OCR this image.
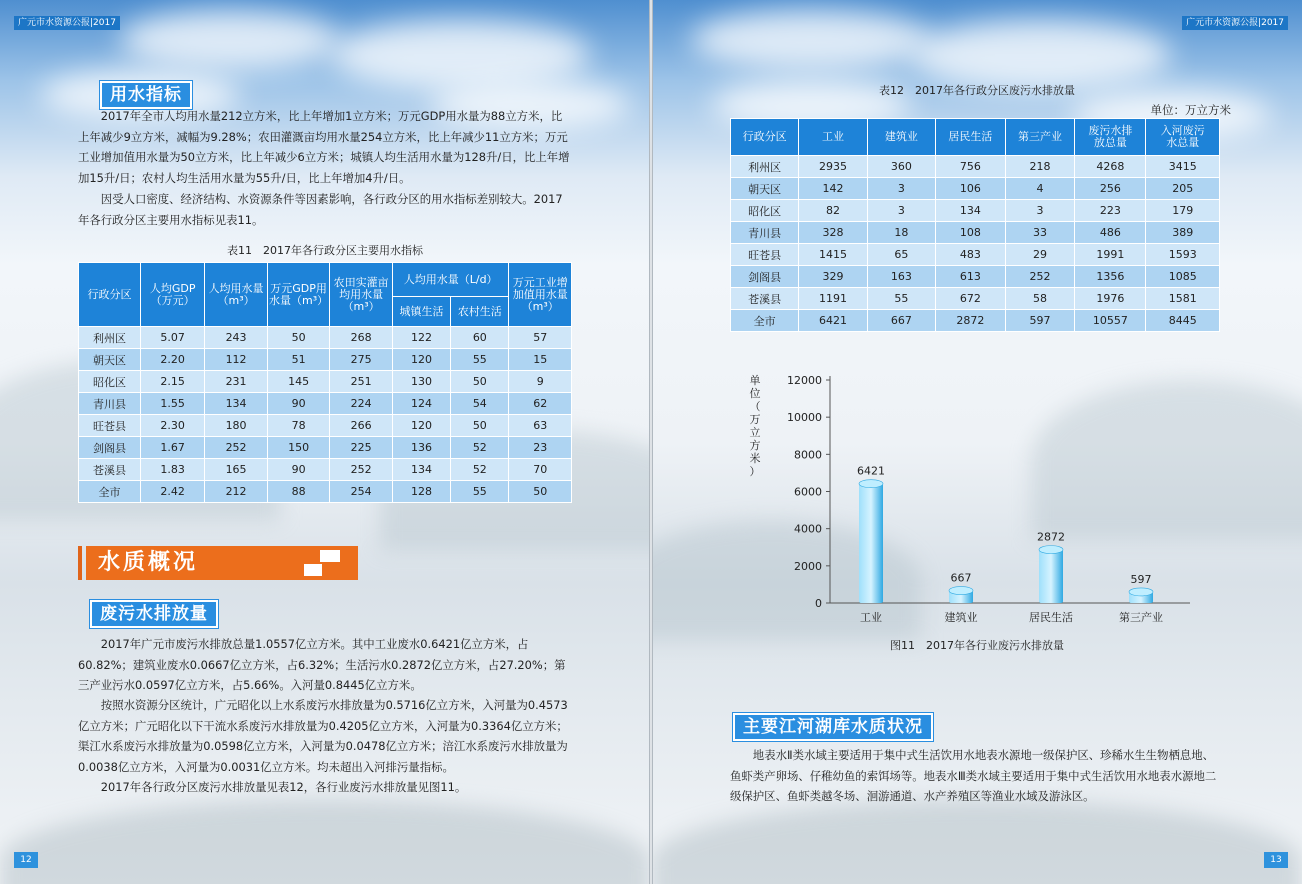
广元市水资源公报|2017
用水指标
2017年全市人均用水量212立方米，比上年增加1立方米；万元GDP用水量为88立方米，比上年减少9立方米，减幅为9.28%；农田灌溉亩均用水量254立方米，比上年减少11立方米；万元工业增加值用水量为50立方米，比上年减少6立方米；城镇人均生活用水量为128升/日，比上年增加15升/日；农村人均生活用水量为55升/日，比上年增加4升/日。
因受人口密度、经济结构、水资源条件等因素影响，各行政分区的用水指标差别较大。2017年各行政分区主要用水指标见表11。
表11　2017年各行政分区主要用水指标
行政分区	人均GDP（万元）	人均用水量（m³）	万元GDP用水量（m³）	农田实灌亩均用水量（m³）	人均用水量（L/d）		万元工业增加值用水量（m³）
					城镇生活	农村生活	
利州区	5.07	243	50	268	122	60	57
朝天区	2.20	112	51	275	120	55	15
昭化区	2.15	231	145	251	130	50	9
青川县	1.55	134	90	224	124	54	62
旺苍县	2.30	180	78	266	120	50	63
剑阁县	1.67	252	150	225	136	52	23
苍溪县	1.83	165	90	252	134	52	70
全市	2.42	212	88	254	128	55	50
水质概况
废污水排放量
2017年广元市废污水排放总量1.0557亿立方米。其中工业废水0.6421亿立方米，占60.82%；建筑业废水0.0667亿立方米，占6.32%；生活污水0.2872亿立方米，占27.20%；第三产业污水0.0597亿立方米，占5.66%。入河量0.8445亿立方米。
按照水资源分区统计，广元昭化以上水系废污水排放量为0.5716亿立方米，入河量为0.4573亿立方米；广元昭化以下干流水系废污水排放量为0.4205亿立方米，入河量为0.3364亿立方米；渠江水系废污水排放量为0.0598亿立方米，入河量为0.0478亿立方米；涪江水系废污水排放量为0.0038亿立方米，入河量为0.0031亿立方米。均未超出入河排污量指标。
2017年各行政分区废污水排放量见表12，各行业废污水排放量见图11。
12
广元市水资源公报|2017
表12　2017年各行政分区废污水排放量
单位：万立方米
行政分区	工业	建筑业	居民生活	第三产业	废污水排放总量	入河废污水总量
利州区	2935	360	756	218	4268	3415
朝天区	142	3	106	4	256	205
昭化区	82	3	134	3	223	179
青川县	328	18	108	33	486	389
旺苍县	1415	65	483	29	1991	1593
剑阁县	329	163	613	252	1356	1085
苍溪县	1191	55	672	58	1976	1581
全市	6421	667	2872	597	10557	8445
图11　2017年各行业废污水排放量
主要江河湖库水质状况
地表水Ⅱ类水域主要适用于集中式生活饮用水地表水源地一级保护区、珍稀水生生物栖息地、鱼虾类产卵场、仔稚幼鱼的索饵场等。地表水Ⅲ类水域主要适用于集中式生活饮用水地表水源地二级保护区、鱼虾类越冬场、洄游通道、水产养殖区等渔业水域及游泳区。
13
0
2000
4000
6000
8000
10000
12000
单位（万立方米）	6421
工业
667
建筑业
2872
居民生活
597
第三产业
